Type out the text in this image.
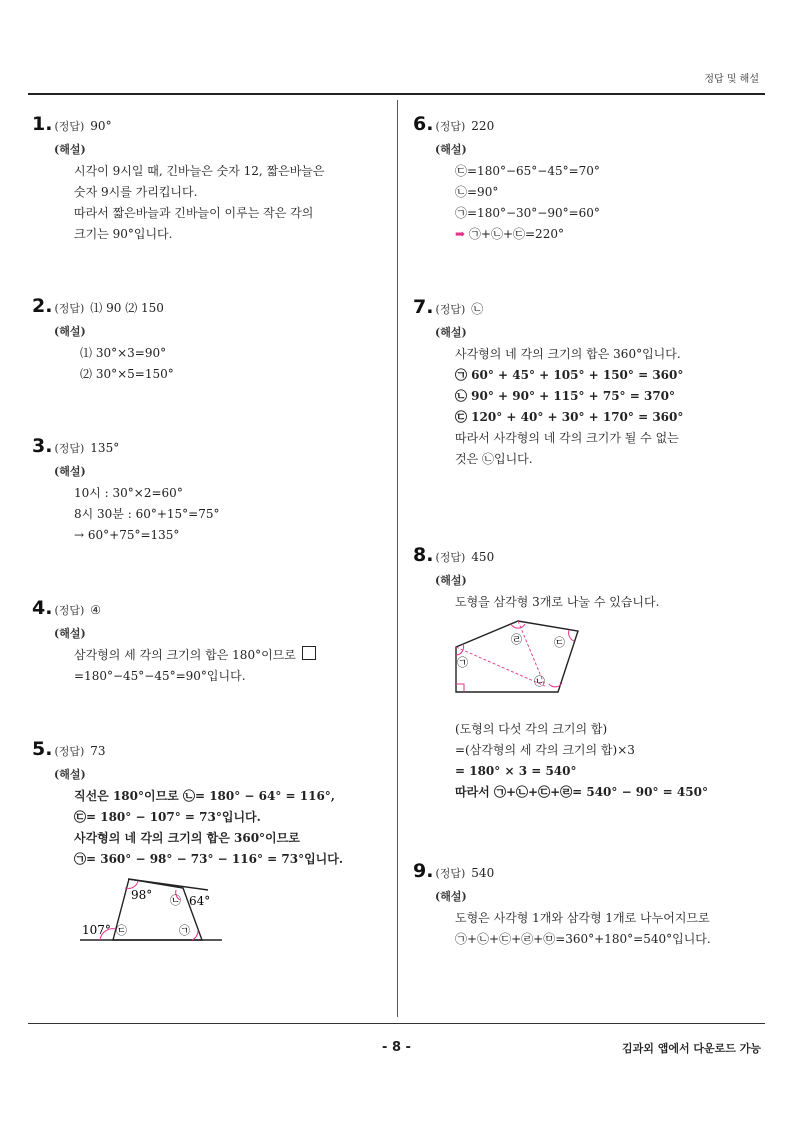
정답 및 해설
1. (정답) 90°
(해설)
시각이 9시일 때, 긴바늘은 숫자 12, 짧은바늘은
숫자 9시를 가리킵니다.
따라서 짧은바늘과 긴바늘이 이루는 작은 각의
크기는 90°입니다.
2. (정답) ⑴ 90 ⑵ 150
(해설)
⑴ 30°×3=90°
⑵ 30°×5=150°
3. (정답) 135°
(해설)
10시 : 30°×2=60°
8시 30분 : 60°+15°=75°
→ 60°+75°=135°
4. (정답) ④
(해설)
삼각형의 세 각의 크기의 합은 180°이므로
=180°−45°−45°=90°입니다.
5. (정답) 73
(해설)
직선은 180°이므로 ㉡= 180° − 64° = 116°,
㉢= 180° − 107° = 73°입니다.
사각형의 네 각의 크기의 합은 360°이므로
㉠= 360° − 98° − 73° − 116° = 73°입니다.
98°	64°
107°
㉡
㉢	㉠
6. (정답) 220
(해설)
㉢=180°−65°−45°=70°
㉡=90°
㉠=180°−30°−90°=60°
➡ ㉠+㉡+㉢=220°
7. (정답) ㉡
(해설)
사각형의 네 각의 크기의 합은 360°입니다.
㉠ 60° + 45° + 105° + 150° = 360°
㉡ 90° + 90° + 115° + 75° = 370°
㉢ 120° + 40° + 30° + 170° = 360°
따라서 사각형의 네 각의 크기가 될 수 없는
것은 ㉡입니다.
8. (정답) 450
(해설)
도형을 삼각형 3개로 나눌 수 있습니다.
(도형의 다섯 각의 크기의 합)
=(삼각형의 세 각의 크기의 합)×3
= 180° × 3 = 540°
따라서 ㉠+㉡+㉢+㉣= 540° − 90° = 450°
㉠
㉣	㉢
㉡
9. (정답) 540
(해설)
도형은 사각형 1개와 삼각형 1개로 나누어지므로
㉠+㉡+㉢+㉣+㉤=360°+180°=540°입니다.
- 8 -	김과외 앱에서 다운로드 가능
